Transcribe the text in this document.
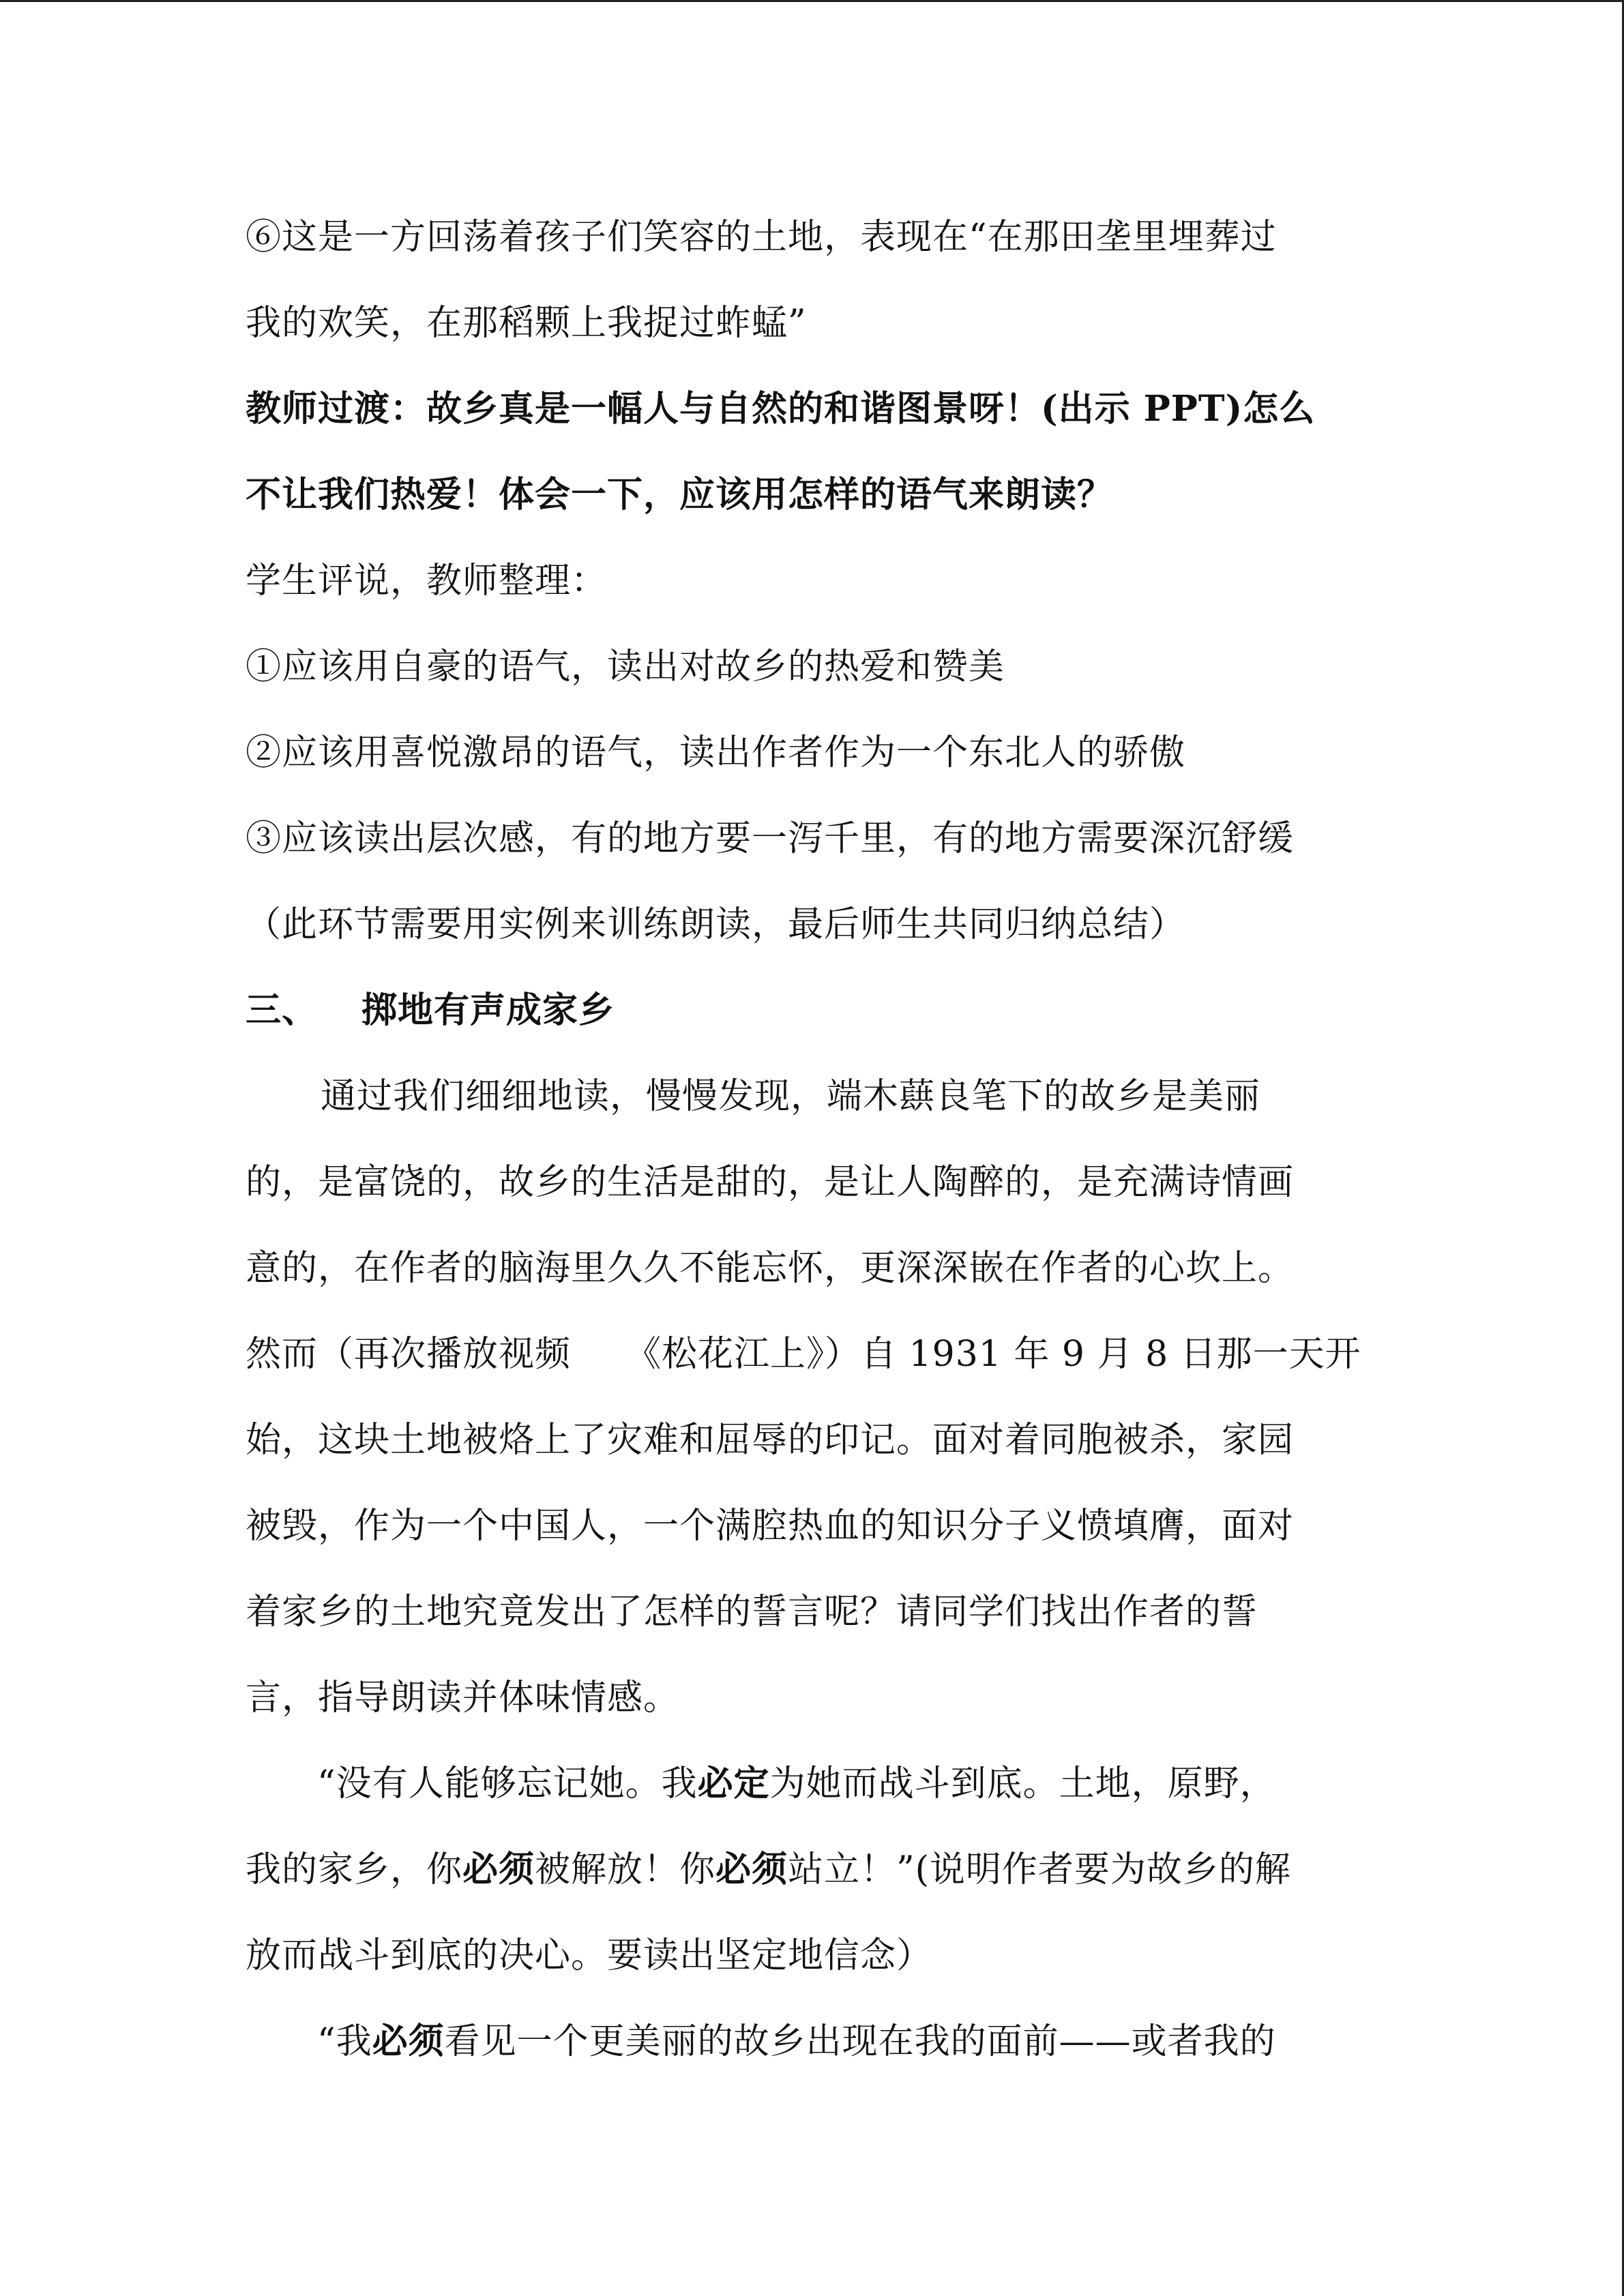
⑥这是一方回荡着孩子们笑容的土地，表现在“在那田垄里埋葬过
我的欢笑，在那稻颗上我捉过蚱蜢”
教师过渡：故乡真是一幅人与自然的和谐图景呀！(出示 PPT)怎么
不让我们热爱！体会一下，应该用怎样的语气来朗读？
学生评说，教师整理：
①应该用自豪的语气，读出对故乡的热爱和赞美
②应该用喜悦激昂的语气，读出作者作为一个东北人的骄傲
③应该读出层次感，有的地方要一泻千里，有的地方需要深沉舒缓
（此环节需要用实例来训练朗读，最后师生共同归纳总结）
三、 掷地有声成家乡
通过我们细细地读，慢慢发现，端木蕻良笔下的故乡是美丽
的，是富饶的，故乡的生活是甜的，是让人陶醉的，是充满诗情画
意的，在作者的脑海里久久不能忘怀，更深深嵌在作者的心坎上。
然而（再次播放视频　　《松花江上》）自 1931 年 9 月 8 日那一天开
始，这块土地被烙上了灾难和屈辱的印记。面对着同胞被杀，家园
被毁，作为一个中国人，一个满腔热血的知识分子义愤填膺，面对
着家乡的土地究竟发出了怎样的誓言呢？请同学们找出作者的誓
言，指导朗读并体味情感。
“没有人能够忘记她。我必定为她而战斗到底。土地，原野，
我的家乡，你必须被解放！你必须站立！”(说明作者要为故乡的解
放而战斗到底的决心。要读出坚定地信念）
“我必须看见一个更美丽的故乡出现在我的面前——或者我的
